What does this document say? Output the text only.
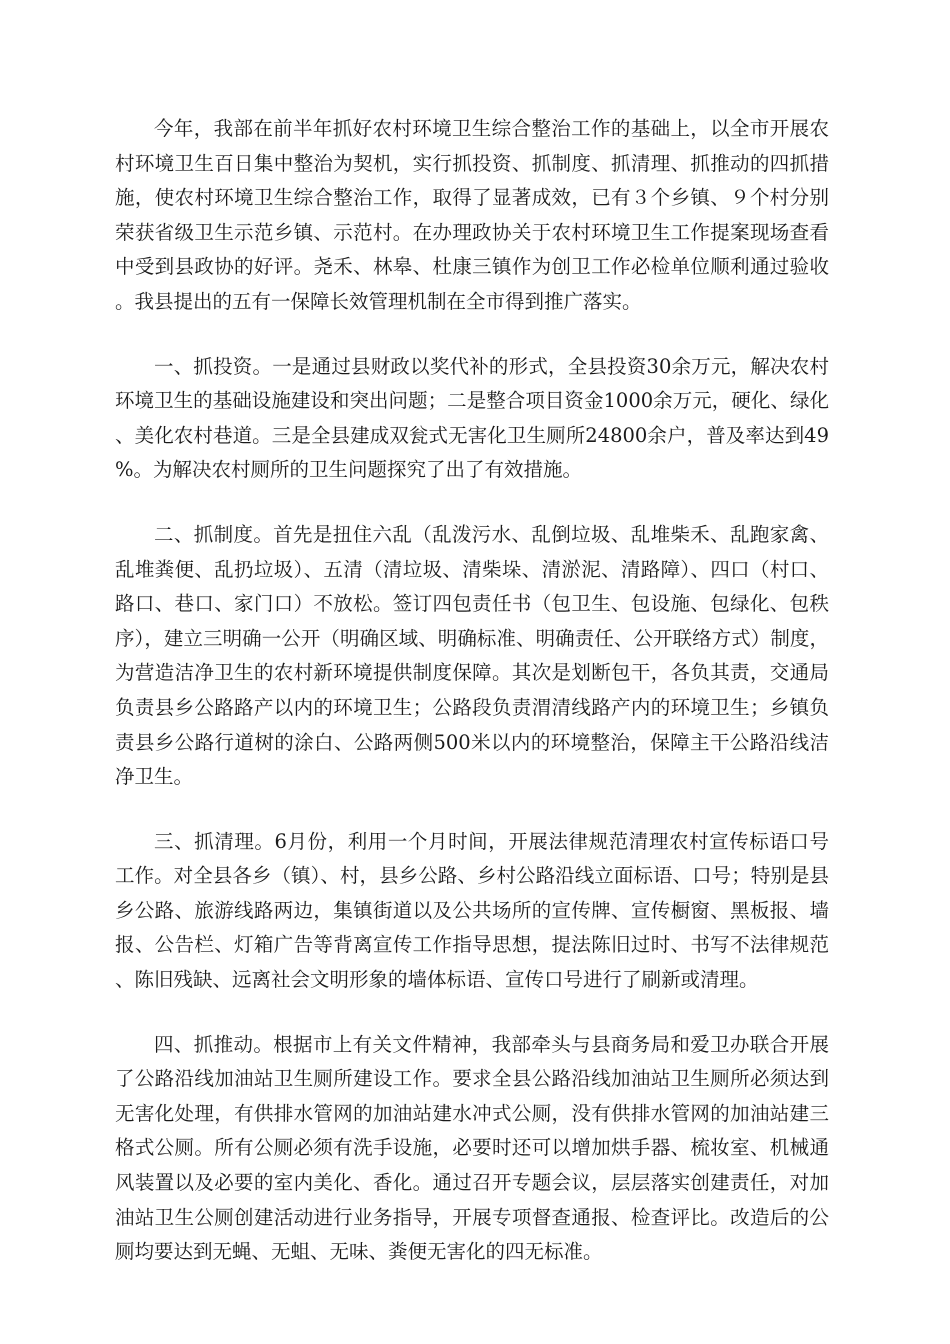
今年，我部在前半年抓好农村环境卫生综合整治工作的基础上，以全市开展农村环境卫生百日集中整治为契机，实行抓投资、抓制度、抓清理、抓推动的四抓措施，使农村环境卫生综合整治工作，取得了显著成效，已有３个乡镇、９个村分别荣获省级卫生示范乡镇、示范村。在办理政协关于农村环境卫生工作提案现场查看中受到县政协的好评。尧禾、林皋、杜康三镇作为创卫工作必检单位顺利通过验收。我县提出的五有一保障长效管理机制在全市得到推广落实。

一、抓投资。一是通过县财政以奖代补的形式，全县投资30余万元，解决农村环境卫生的基础设施建设和突出问题；二是整合项目资金1000余万元，硬化、绿化、美化农村巷道。三是全县建成双瓮式无害化卫生厕所24800余户，普及率达到49%。为解决农村厕所的卫生问题探究了出了有效措施。

二、抓制度。首先是扭住六乱（乱泼污水、乱倒垃圾、乱堆柴禾、乱跑家禽、乱堆粪便、乱扔垃圾）、五清（清垃圾、清柴垛、清淤泥、清路障）、四口（村口、路口、巷口、家门口）不放松。签订四包责任书（包卫生、包设施、包绿化、包秩序），建立三明确一公开（明确区域、明确标准、明确责任、公开联络方式）制度，为营造洁净卫生的农村新环境提供制度保障。其次是划断包干，各负其责，交通局负责县乡公路路产以内的环境卫生；公路段负责渭清线路产内的环境卫生；乡镇负责县乡公路行道树的涂白、公路两侧500米以内的环境整治，保障主干公路沿线洁净卫生。

三、抓清理。6月份，利用一个月时间，开展法律规范清理农村宣传标语口号工作。对全县各乡（镇）、村，县乡公路、乡村公路沿线立面标语、口号；特别是县乡公路、旅游线路两边，集镇街道以及公共场所的宣传牌、宣传橱窗、黑板报、墙报、公告栏、灯箱广告等背离宣传工作指导思想，提法陈旧过时、书写不法律规范、陈旧残缺、远离社会文明形象的墙体标语、宣传口号进行了刷新或清理。

四、抓推动。根据市上有关文件精神，我部牵头与县商务局和爱卫办联合开展了公路沿线加油站卫生厕所建设工作。要求全县公路沿线加油站卫生厕所必须达到无害化处理，有供排水管网的加油站建水冲式公厕，没有供排水管网的加油站建三格式公厕。所有公厕必须有洗手设施，必要时还可以增加烘手器、梳妆室、机械通风装置以及必要的室内美化、香化。通过召开专题会议，层层落实创建责任，对加油站卫生公厕创建活动进行业务指导，开展专项督查通报、检查评比。改造后的公厕均要达到无蝇、无蛆、无味、粪便无害化的四无标准。
